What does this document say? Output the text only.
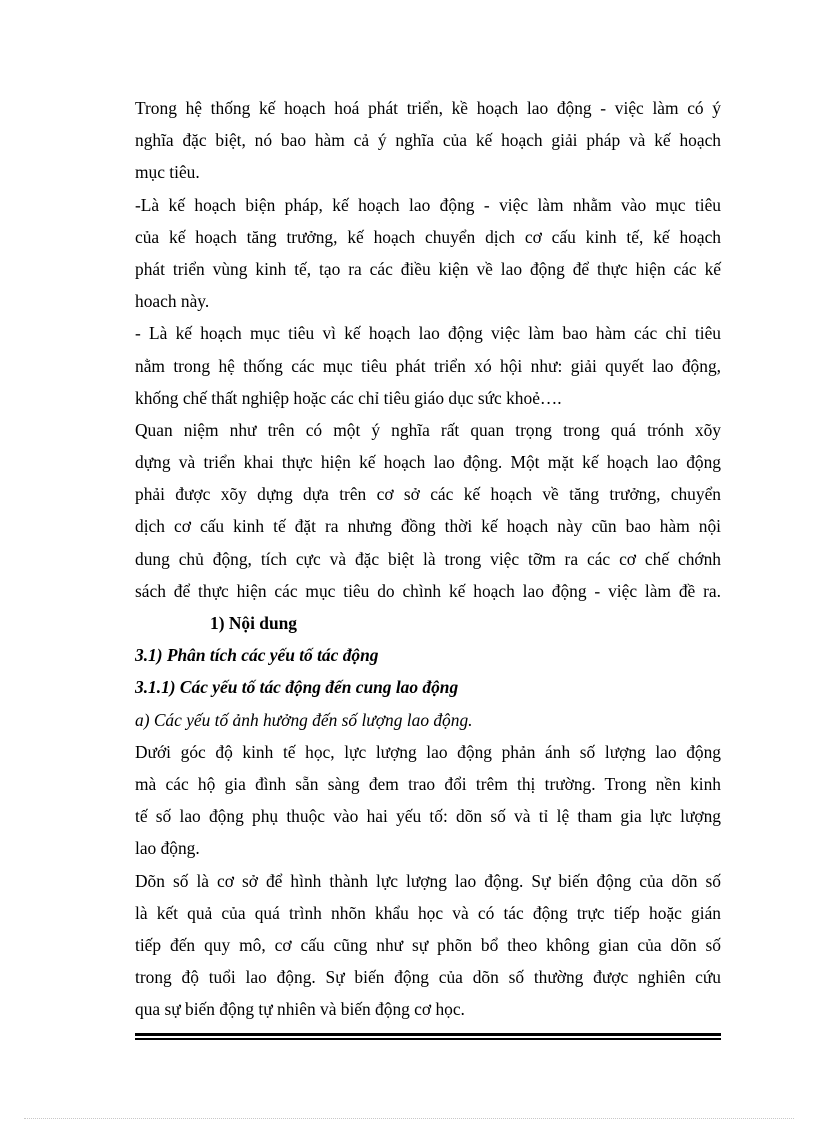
Trong hệ thống kế hoạch hoá phát triển, kề hoạch lao động - việc làm có ý
nghĩa đặc biệt, nó bao hàm cả ý nghĩa của kế hoạch giải pháp và kế hoạch
mục tiêu.
-Là kế hoạch biện pháp, kế hoạch lao động - việc làm nhằm vào mục tiêu
của kế hoạch tăng trưởng, kế hoạch chuyển dịch cơ cấu kinh tế, kế hoạch
phát triển vùng kinh tế, tạo ra các điều kiện về lao động để thực hiện các kế
hoach này.
- Là kế hoạch mục tiêu vì kế hoạch lao động việc làm bao hàm các chỉ tiêu
nằm trong hệ thống các mục tiêu phát triển xó hội như: giải quyết lao động,
khống chế thất nghiệp hoặc các chỉ tiêu giáo dục sức khoẻ….
Quan niệm như trên có một ý nghĩa rất quan trọng trong quá trónh xõy
dựng và triển khai thực hiện kế hoạch lao động. Một mặt kế hoạch lao động
phải được xõy dựng dựa trên cơ sở các kế hoạch về tăng trưởng, chuyển
dịch cơ cấu kinh tế đặt ra nhưng đồng thời kế hoạch này cũn bao hàm nội
dung chủ động, tích cực và đặc biệt là trong việc tỡm ra các cơ chế chớnh
sách để thực hiện các mục tiêu do chình kế hoạch lao động - việc làm đề ra.
1) Nội dung
3.1) Phân tích các yếu tố tác động
3.1.1) Các yếu tố tác động đến cung lao động
a) Các yếu tố ảnh hưởng đến số lượng lao động.
Dưới góc độ kinh tế học, lực lượng lao động phản ánh số lượng lao động
mà các hộ gia đình sẵn sàng đem trao đổi trêm thị trường. Trong nền kinh
tế số lao động phụ thuộc vào hai yếu tố: dõn số và tỉ lệ tham gia lực lượng
lao động.
Dõn số là cơ sở để hình thành lực lượng lao động. Sự biến động của dõn số
là kết quả của quá trình nhõn khẩu học và có tác động trực tiếp hoặc gián
tiếp đến quy mô, cơ cấu cũng như sự phõn bổ theo không gian của dõn số
trong độ tuổi lao động. Sự biến động của dõn số thường được nghiên cứu
qua sự biến động tự nhiên và biến động cơ học.
